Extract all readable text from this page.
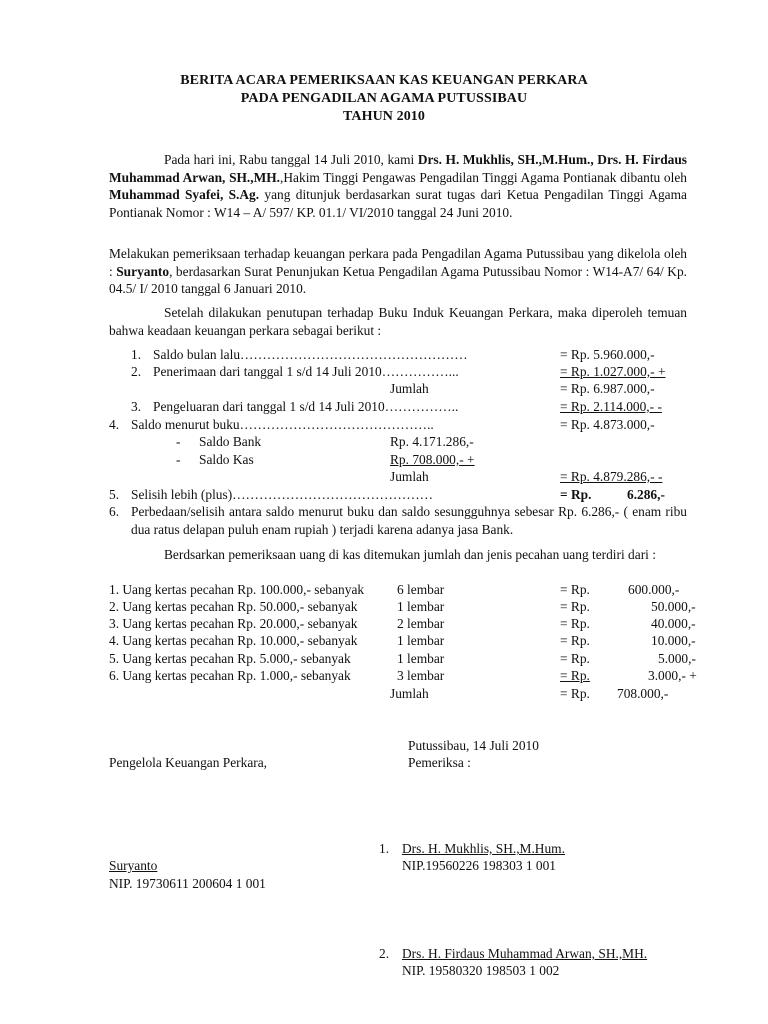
BERITA ACARA PEMERIKSAAN KAS KEUANGAN PERKARA
PADA PENGADILAN AGAMA PUTUSSIBAU
TAHUN 2010
Pada hari ini, Rabu tanggal 14 Juli 2010, kami Drs. H. Mukhlis, SH.,M.Hum., Drs. H. Firdaus Muhammad Arwan, SH.,MH.,Hakim Tinggi Pengawas Pengadilan Tinggi Agama Pontianak dibantu oleh Muhammad Syafei, S.Ag. yang ditunjuk berdasarkan surat tugas dari Ketua Pengadilan Tinggi Agama Pontianak Nomor : W14 – A/ 597/ KP. 01.1/ VI/2010 tanggal 24 Juni 2010.
Melakukan pemeriksaan terhadap keuangan perkara pada Pengadilan Agama Putussibau yang dikelola oleh : Suryanto, berdasarkan Surat Penunjukan Ketua Pengadilan Agama Putussibau Nomor : W14-A7/ 64/ Kp. 04.5/ I/ 2010 tanggal 6 Januari 2010.
Setelah dilakukan penutupan terhadap Buku Induk Keuangan Perkara, maka diperoleh temuan bahwa keadaan keuangan perkara sebagai berikut :
1. Saldo bulan lalu……………………………………………	= Rp. 5.960.000,-
2. Penerimaan dari tanggal 1 s/d 14 Juli 2010……………...	= Rp. 1.027.000,- +
Jumlah	= Rp. 6.987.000,-
3. Pengeluaran dari tanggal 1 s/d 14 Juli 2010……………..	= Rp. 2.114.000,- -
4. Saldo menurut buku……………………………………..	= Rp. 4.873.000,-
- Saldo Bank	Rp. 4.171.286,-
- Saldo Kas	Rp. 708.000,- +
Jumlah	= Rp. 4.879.286,- -
5. Selisih lebih (plus)………………………………………	= Rp.	6.286,-
6. Perbedaan/selisih antara saldo menurut buku dan saldo sesungguhnya sebesar Rp. 6.286,- ( enam ribu dua ratus delapan puluh enam rupiah ) terjadi karena adanya jasa Bank.
Berdsarkan pemeriksaan uang di kas ditemukan jumlah dan jenis pecahan uang terdiri dari :
1. Uang kertas pecahan Rp. 100.000,- sebanyak 6 lembar	= Rp.	600.000,-
2. Uang kertas pecahan Rp. 50.000,- sebanyak	1 lembar	= Rp.	50.000,-
3. Uang kertas pecahan Rp. 20.000,- sebanyak	2 lembar	= Rp.	40.000,-
4. Uang kertas pecahan Rp. 10.000,- sebanyak	1 lembar	= Rp.	10.000,-
5. Uang kertas pecahan Rp. 5.000,- sebanyak	1 lembar	= Rp.	5.000,-
6. Uang kertas pecahan Rp. 1.000,- sebanyak	3 lembar	= Rp.	3.000,- +
Jumlah	= Rp. 708.000,-
Putussibau, 14 Juli 2010
Pengelola Keuangan Perkara,	Pemeriksa :
1. Drs. H. Mukhlis, SH.,M.Hum.
NIP.19560226 198303 1 001
Suryanto
NIP. 19730611 200604 1 001
2. Drs. H. Firdaus Muhammad Arwan, SH.,MH.
NIP. 19580320 198503 1 002
